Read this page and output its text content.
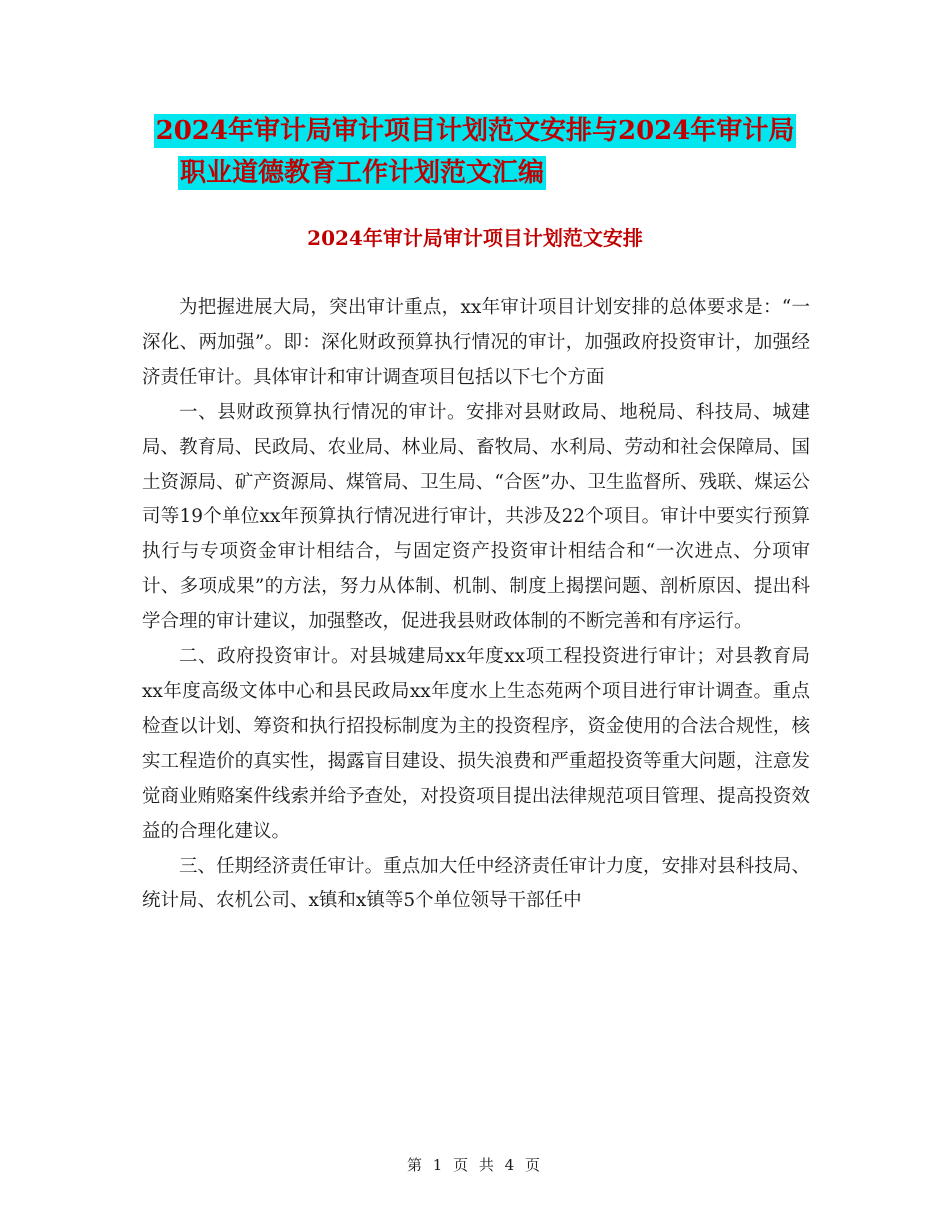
2024年审计局审计项目计划范文安排与2024年审计局
职业道德教育工作计划范文汇编
2024年审计局审计项目计划范文安排

为把握进展大局，突出审计重点，xx年审计项目计划安排的总体要求是：“一深化、两加强”。即：深化财政预算执行情况的审计，加强政府投资审计，加强经济责任审计。具体审计和审计调查项目包括以下七个方面

一、县财政预算执行情况的审计。安排对县财政局、地税局、科技局、城建局、教育局、民政局、农业局、林业局、畜牧局、水利局、劳动和社会保障局、国土资源局、矿产资源局、煤管局、卫生局、“合医”办、卫生监督所、残联、煤运公司等19个单位xx年预算执行情况进行审计，共涉及22个项目。审计中要实行预算执行与专项资金审计相结合，与固定资产投资审计相结合和“一次进点、分项审计、多项成果”的方法，努力从体制、机制、制度上揭摆问题、剖析原因、提出科学合理的审计建议，加强整改，促进我县财政体制的不断完善和有序运行。

二、政府投资审计。对县城建局xx年度xx项工程投资进行审计；对县教育局xx年度高级文体中心和县民政局xx年度水上生态苑两个项目进行审计调查。重点检查以计划、筹资和执行招投标制度为主的投资程序，资金使用的合法合规性，核实工程造价的真实性，揭露盲目建设、损失浪费和严重超投资等重大问题，注意发觉商业贿赂案件线索并给予查处，对投资项目提出法律规范项目管理、提高投资效益的合理化建议。

三、任期经济责任审计。重点加大任中经济责任审计力度，安排对县科技局、统计局、农机公司、x镇和x镇等5个单位领导干部任中

第 1 页 共 4 页
